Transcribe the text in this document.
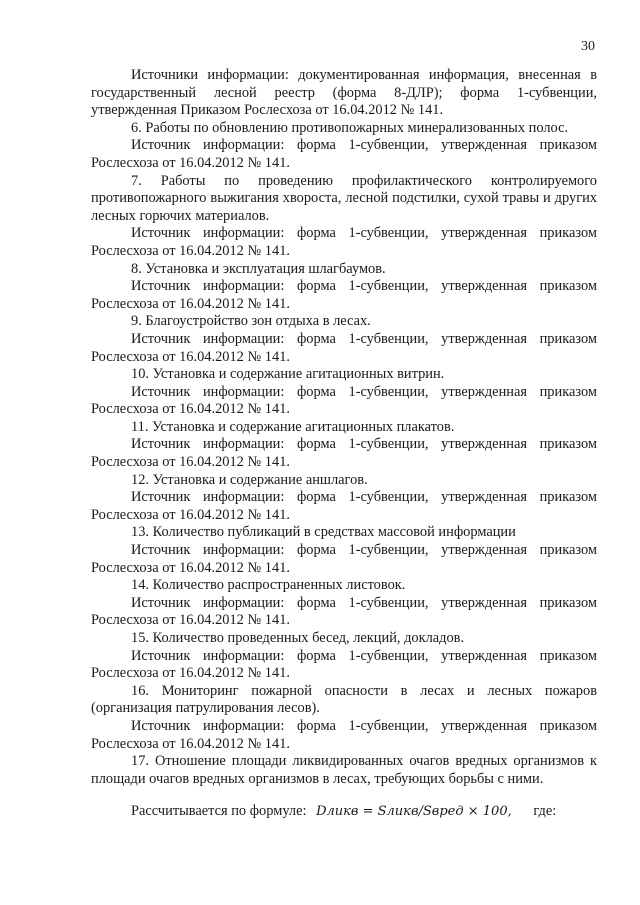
30

Источники информации: документированная информация, внесенная в государственный лесной реестр (форма 8-ДЛР); форма 1-субвенции, утвержденная Приказом Рослесхоза от 16.04.2012 № 141.

6. Работы по обновлению противопожарных минерализованных полос.

Источник информации: форма 1-субвенции, утвержденная приказом Рослесхоза от 16.04.2012 № 141.

7. Работы по проведению профилактического контролируемого противопожарного выжигания хвороста, лесной подстилки, сухой травы и других лесных горючих материалов.

Источник информации: форма 1-субвенции, утвержденная приказом Рослесхоза от 16.04.2012 № 141.

8. Установка и эксплуатация шлагбаумов.

Источник информации: форма 1-субвенции, утвержденная приказом Рослесхоза от 16.04.2012 № 141.

9. Благоустройство зон отдыха в лесах.

Источник информации: форма 1-субвенции, утвержденная приказом Рослесхоза от 16.04.2012 № 141.

10. Установка и содержание агитационных витрин.

Источник информации: форма 1-субвенции, утвержденная приказом Рослесхоза от 16.04.2012 № 141.

11. Установка и содержание агитационных плакатов.

Источник информации: форма 1-субвенции, утвержденная приказом Рослесхоза от 16.04.2012 № 141.

12. Установка и содержание аншлагов.

Источник информации: форма 1-субвенции, утвержденная приказом Рослесхоза от 16.04.2012 № 141.

13. Количество публикаций в средствах массовой информации

Источник информации: форма 1-субвенции, утвержденная приказом Рослесхоза от 16.04.2012 № 141.

14. Количество распространенных листовок.

Источник информации: форма 1-субвенции, утвержденная приказом Рослесхоза от 16.04.2012 № 141.

15. Количество проведенных бесед, лекций, докладов.

Источник информации: форма 1-субвенции, утвержденная приказом Рослесхоза от 16.04.2012 № 141.

16. Мониторинг пожарной опасности в лесах и лесных пожаров (организация патрулирования лесов).

Источник информации: форма 1-субвенции, утвержденная приказом Рослесхоза от 16.04.2012 № 141.

17. Отношение площади ликвидированных очагов вредных организмов к площади очагов вредных организмов в лесах, требующих борьбы с ними.

Рассчитывается по формуле: Dликв = Sликв/Sвред × 100, где:
